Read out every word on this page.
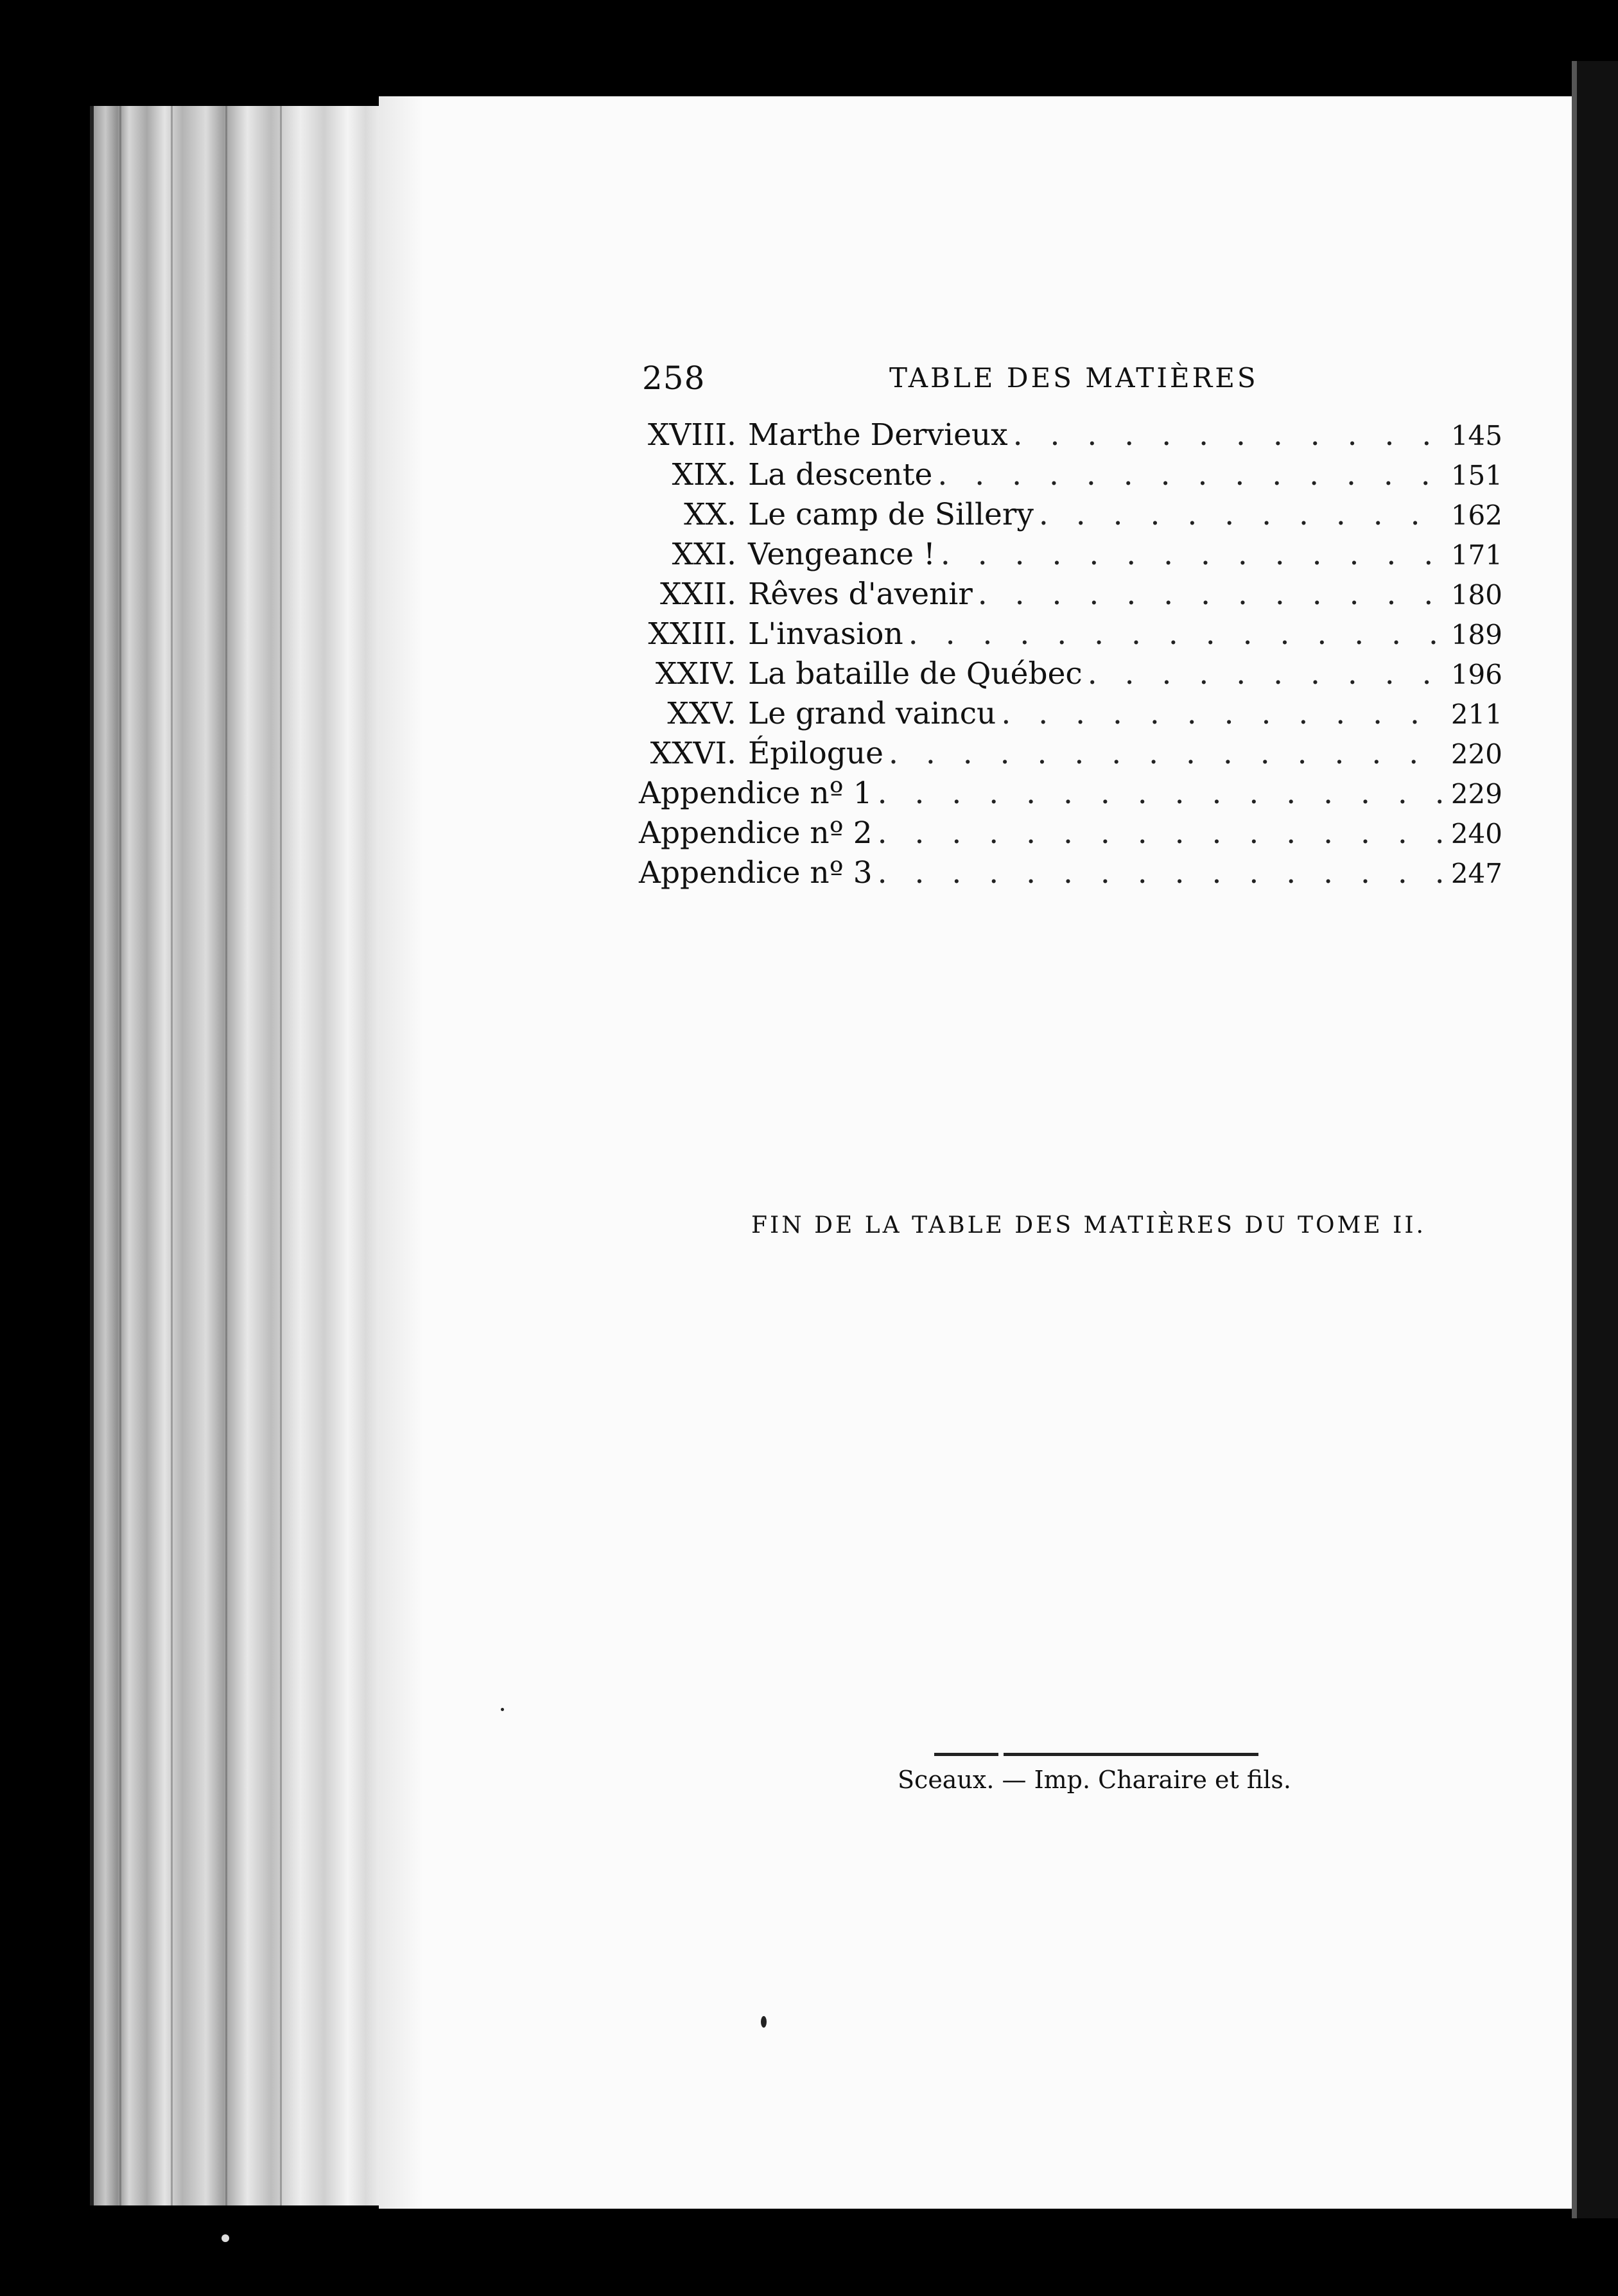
258	TABLE DES MATIÈRES
XVIII. Marthe Dervieux . . .	145
XIX. La descente . . .	151
XX. Le camp de Sillery . . .	162
XXI. Vengeance ! . . .	171
XXII. Rêves d'avenir . . .	180
XXIII. L'invasion . . .	189
XXIV. La bataille de Québec . . .	196
XXV. Le grand vaincu . . .	211
XXVI. Épilogue . . .	220
Appendice nº 1 . . .	229
Appendice nº 2 . . .	240
Appendice nº 3 . . .	247
FIN DE LA TABLE DES MATIÈRES DU TOME II.
Sceaux. — Imp. Charaire et fils.
